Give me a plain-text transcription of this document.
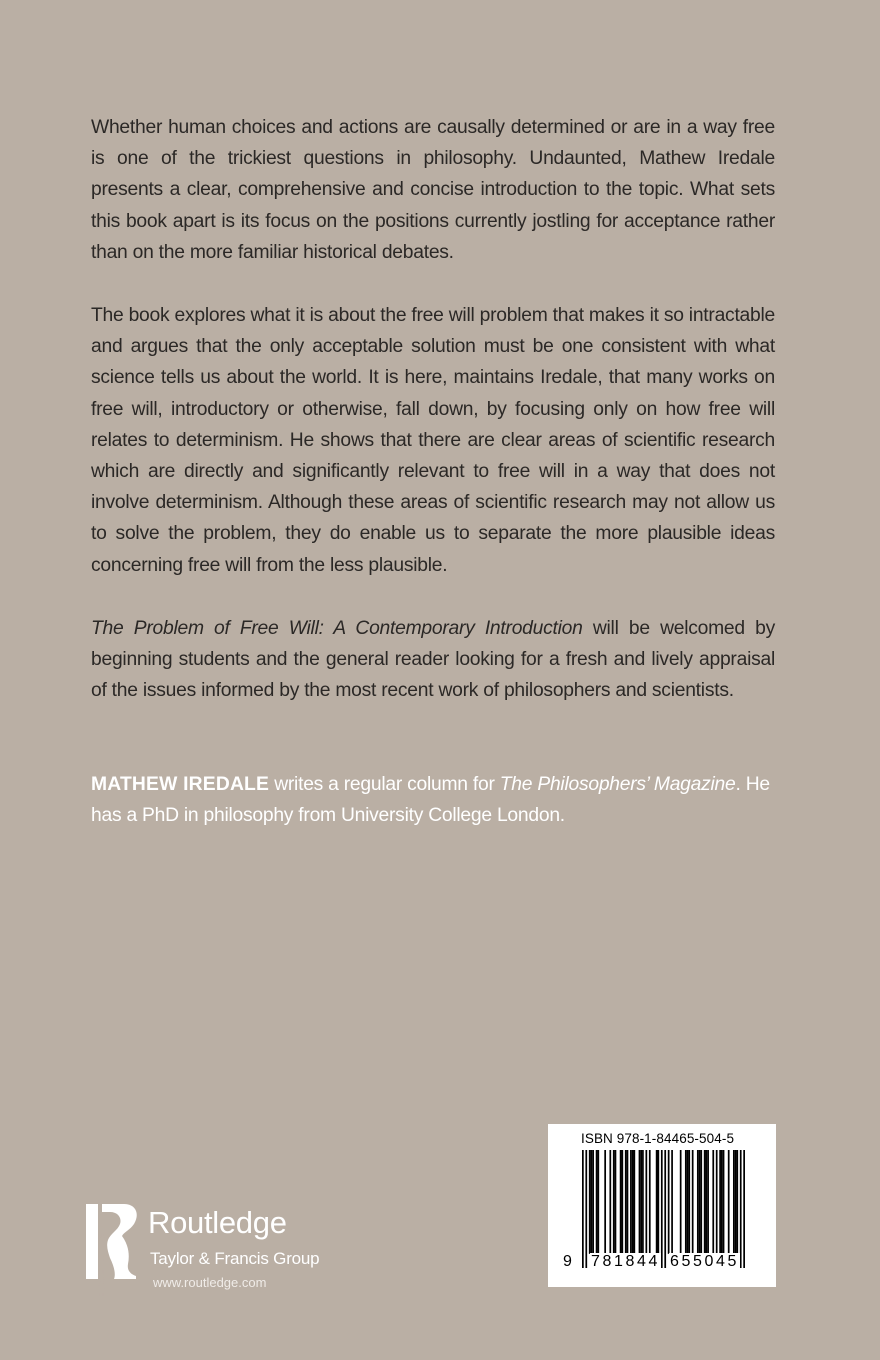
Whether human choices and actions are causally determined or are in a way free is one of the trickiest questions in philosophy. Undaunted, Mathew Iredale presents a clear, comprehensive and concise introduction to the topic. What sets this book apart is its focus on the positions currently jostling for acceptance rather than on the more familiar historical debates.

The book explores what it is about the free will problem that makes it so intractable and argues that the only acceptable solution must be one consistent with what science tells us about the world. It is here, maintains Iredale, that many works on free will, introductory or otherwise, fall down, by focusing only on how free will relates to determinism. He shows that there are clear areas of scientific research which are directly and significantly relevant to free will in a way that does not involve determinism. Although these areas of scientific research may not allow us to solve the problem, they do enable us to separate the more plausible ideas concerning free will from the less plausible.

The Problem of Free Will: A Contemporary Introduction will be welcomed by beginning students and the general reader looking for a fresh and lively appraisal of the issues informed by the most recent work of philosophers and scientists.

MATHEW IREDALE writes a regular column for The Philosophers’ Magazine. He has a PhD in philosophy from University College London.

ROUTLEDGE
Routledge
Taylor & Francis Group
www.routledge.com
ISBN 978-1-84465-504-5
9 781844 655045
